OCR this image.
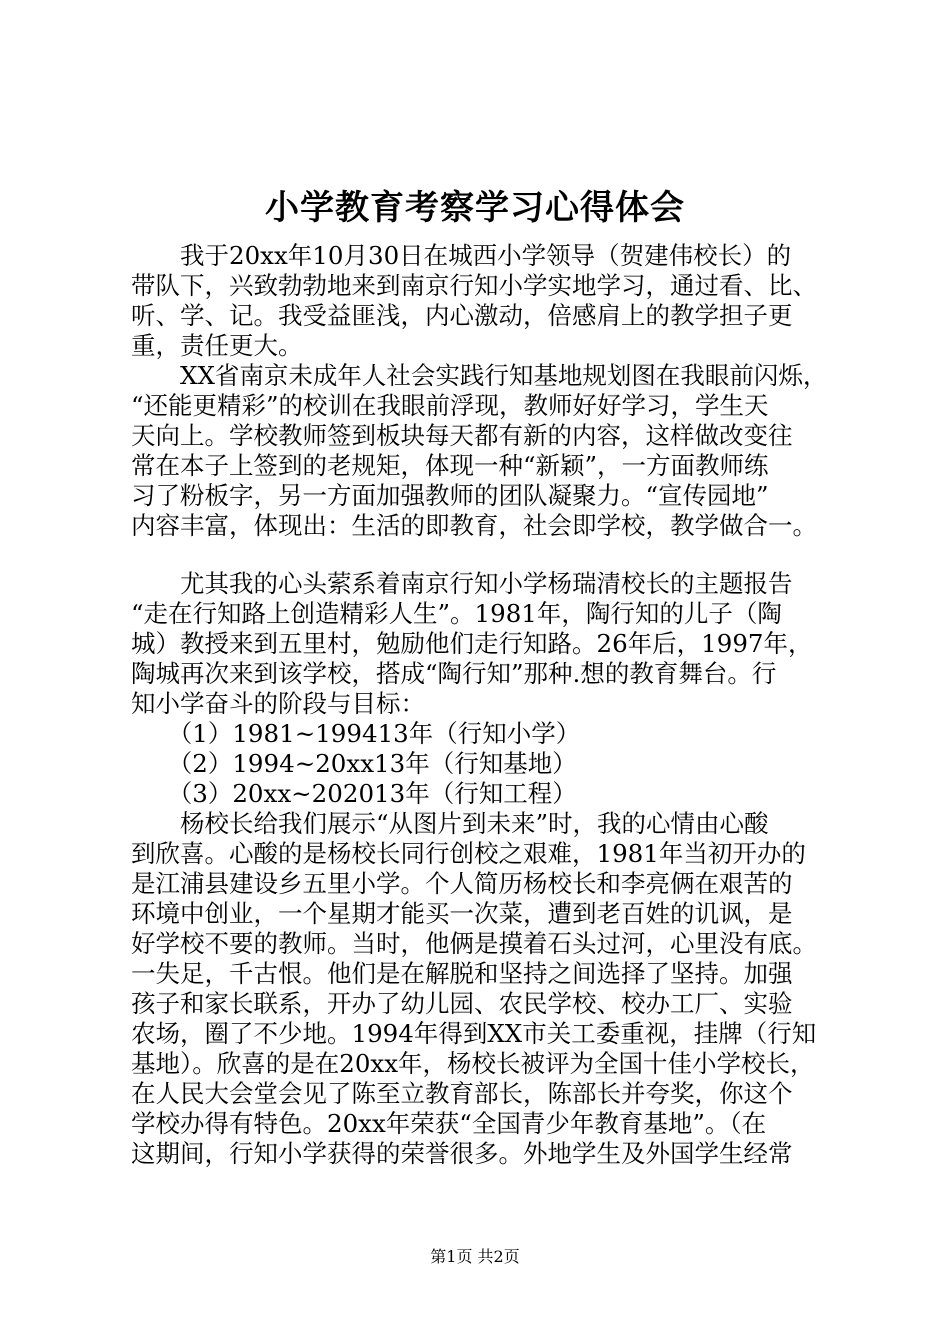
小学教育考察学习心得体会
　　我于20xx年10月30日在城西小学领导（贺建伟校长）的
带队下，兴致勃勃地来到南京行知小学实地学习，通过看、比、
听、学、记。我受益匪浅，内心激动，倍感肩上的教学担子更
重，责任更大。
　　XX省南京未成年人社会实践行知基地规划图在我眼前闪烁，
“还能更精彩”的校训在我眼前浮现，教师好好学习，学生天
天向上。学校教师签到板块每天都有新的内容，这样做改变往
常在本子上签到的老规矩，体现一种“新颖”，一方面教师练
习了粉板字，另一方面加强教师的团队凝聚力。“宣传园地”
内容丰富，体现出：生活的即教育，社会即学校，教学做合一。
　　尤其我的心头萦系着南京行知小学杨瑞清校长的主题报告
“走在行知路上创造精彩人生”。1981年，陶行知的儿子（陶
城）教授来到五里村，勉励他们走行知路。26年后，1997年，
陶城再次来到该学校，搭成“陶行知”那种.想的教育舞台。行
知小学奋斗的阶段与目标：
　　（1）1981~199413年（行知小学）
　　（2）1994~20xx13年（行知基地）
　　（3）20xx~202013年（行知工程）
　　杨校长给我们展示“从图片到未来”时，我的心情由心酸
到欣喜。心酸的是杨校长同行创校之艰难，1981年当初开办的
是江浦县建设乡五里小学。个人简历杨校长和李亮俩在艰苦的
环境中创业，一个星期才能买一次菜，遭到老百姓的讥讽，是
好学校不要的教师。当时，他俩是摸着石头过河，心里没有底。
一失足，千古恨。他们是在解脱和坚持之间选择了坚持。加强
孩子和家长联系，开办了幼儿园、农民学校、校办工厂、实验
农场，圈了不少地。1994年得到XX市关工委重视，挂牌（行知
基地）。欣喜的是在20xx年，杨校长被评为全国十佳小学校长，
在人民大会堂会见了陈至立教育部长，陈部长并夸奖，你这个
学校办得有特色。20xx年荣获“全国青少年教育基地”。（在
这期间，行知小学获得的荣誉很多。外地学生及外国学生经常
第1页 共2页
